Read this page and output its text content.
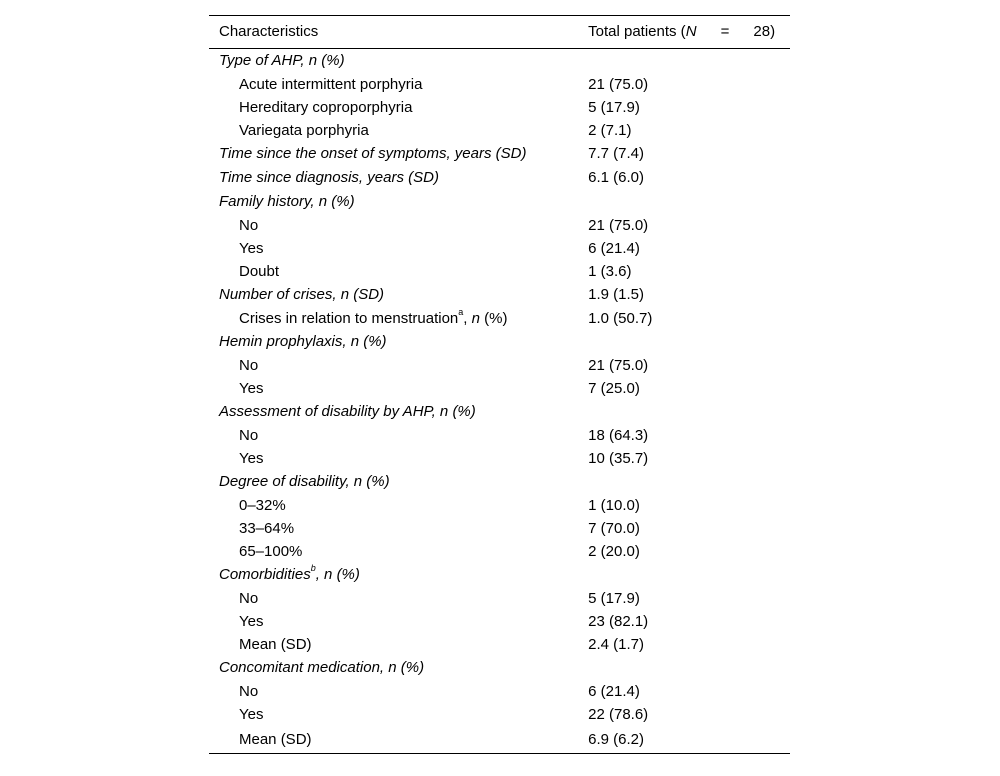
Characteristics	Total patients (N = 28)

Type of AHP, n (%)	
Acute intermittent porphyria	21 (75.0)
Hereditary coproporphyria	5 (17.9)
Variegata porphyria	2 (7.1)
Time since the onset of symptoms, years (SD)	7.7 (7.4)
Time since diagnosis, years (SD)	6.1 (6.0)
Family history, n (%)	
No	21 (75.0)
Yes	6 (21.4)
Doubt	1 (3.6)
Number of crises, n (SD)	1.9 (1.5)
Crises in relation to menstruation$^a$, n (%)	1.0 (50.7)
Hemin prophylaxis, n (%)	
No	21 (75.0)
Yes	7 (25.0)
Assessment of disability by AHP, n (%)	
No	18 (64.3)
Yes	10 (35.7)
Degree of disability, n (%)	
0–32%	1 (10.0)
33–64%	7 (70.0)
65–100%	2 (20.0)
Comorbidities$^b$, n (%)	
No	5 (17.9)
Yes	23 (82.1)
Mean (SD)	2.4 (1.7)
Concomitant medication, n (%)	
No	6 (21.4)
Yes	22 (78.6)
Mean (SD)	6.9 (6.2)
